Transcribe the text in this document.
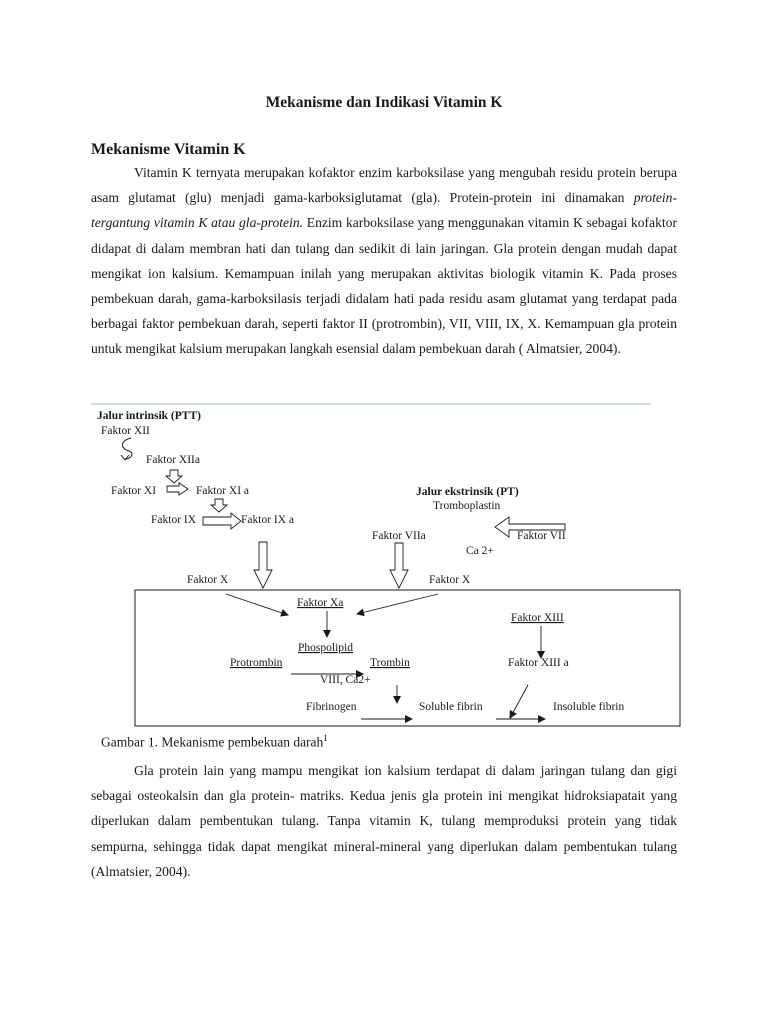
Mekanisme dan Indikasi Vitamin K
Mekanisme Vitamin K

Vitamin K ternyata merupakan kofaktor enzim karboksilase yang mengubah residu protein berupa asam glutamat (glu) menjadi gama-karboksiglutamat (gla). Protein-protein ini dinamakan protein-tergantung vitamin K atau gla-protein. Enzim karboksilase yang menggunakan vitamin K sebagai kofaktor didapat di dalam membran hati dan tulang dan sedikit di lain jaringan. Gla protein dengan mudah dapat mengikat ion kalsium. Kemampuan inilah yang merupakan aktivitas biologik vitamin K. Pada proses pembekuan darah, gama-karboksilasis terjadi didalam hati pada residu asam glutamat yang terdapat pada berbagai faktor pembekuan darah, seperti faktor II (protrombin), VII, VIII, IX, X. Kemampuan gla protein untuk mengikat kalsium merupakan langkah esensial dalam pembekuan darah ( Almatsier, 2004).

Jalur intrinsik (PTT)
Faktor XII
Faktor XIIa
Faktor XI	Faktor XI a
Faktor IX	Faktor IX a
Jalur ekstrinsik (PT)
Tromboplastin
Faktor VIIa	Faktor VII
Ca 2+
Faktor X	Faktor X
Faktor Xa
Phospolipid
Protrombin	Trombin
VIII, Ca2+
Faktor XIII
Faktor XIII a
Fibrinogen	Soluble fibrin	Insoluble fibrin
Gambar 1. Mekanisme pembekuan darah$^1$

Gla protein lain yang mampu mengikat ion kalsium terdapat di dalam jaringan tulang dan gigi sebagai osteokalsin dan gla protein- matriks. Kedua jenis gla protein ini mengikat hidroksiapatait yang diperlukan dalam pembentukan tulang. Tanpa vitamin K, tulang memproduksi protein yang tidak sempurna, sehingga tidak dapat mengikat mineral-mineral yang diperlukan dalam pembentukan tulang (Almatsier, 2004).
